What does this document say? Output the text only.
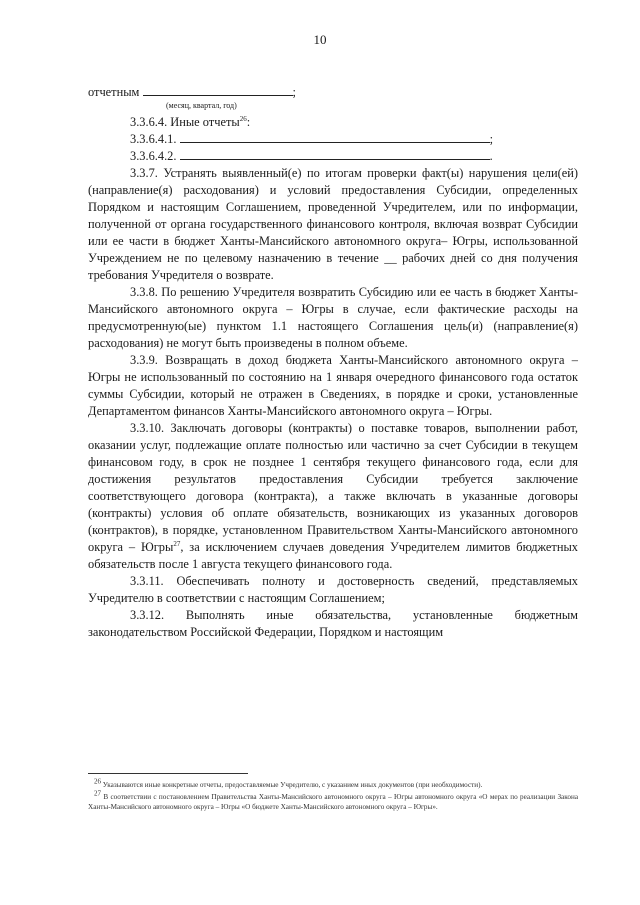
10

отчетным	;

(месяц, квартал, год)

3.3.6.4. Иные отчеты$^{26}$:

3.3.6.4.1.	;

3.3.6.4.2.	.

3.3.7. Устранять выявленный(е) по итогам проверки факт(ы) нарушения цели(ей) (направление(я) расходования) и условий предоставления Субсидии, определенных Порядком и настоящим Соглашением, проведенной Учредителем, или по информации, полученной от органа государственного финансового контроля, включая возврат Субсидии или ее части в бюджет Ханты-Мансийского автономного округа– Югры, использованной Учреждением не по целевому назначению в течение __ рабочих дней со дня получения требования Учредителя о возврате.

3.3.8. По решению Учредителя возвратить Субсидию или ее часть в бюджет Ханты-Мансийского автономного округа – Югры в случае, если фактические расходы на предусмотренную(ые) пунктом 1.1 настоящего Соглашения цель(и) (направление(я) расходования) не могут быть произведены в полном объеме.

3.3.9. Возвращать в доход бюджета Ханты-Мансийского автономного округа – Югры не использованный по состоянию на 1 января очередного финансового года остаток суммы Субсидии, который не отражен в Сведениях, в порядке и сроки, установленные Департаментом финансов Ханты-Мансийского автономного округа – Югры.

3.3.10. Заключать договоры (контракты) о поставке товаров, выполнении работ, оказании услуг, подлежащие оплате полностью или частично за счет Субсидии в текущем финансовом году, в срок не позднее 1 сентября текущего финансового года, если для достижения результатов предоставления Субсидии требуется заключение соответствующего договора (контракта), а также включать в указанные договоры (контракты) условия об оплате обязательств, возникающих из указанных договоров (контрактов), в порядке, установленном Правительством Ханты-Мансийского автономного округа – Югры$^{27}$, за исключением случаев доведения Учредителем лимитов бюджетных обязательств после 1 августа текущего финансового года.

3.3.11. Обеспечивать полноту и достоверность сведений, представляемых Учредителю в соответствии с настоящим Соглашением;

3.3.12. Выполнять иные обязательства, установленные бюджетным законодательством Российской Федерации, Порядком и настоящим

$^{26}$ Указываются иные конкретные отчеты, предоставляемые Учредителю, с указанием иных документов (при необходимости).

$^{27}$ В соответствии с постановлением Правительства Ханты-Мансийского автономного округа – Югры автономного округа «О мерах по реализации Закона Ханты-Мансийского автономного округа – Югры «О бюджете Ханты-Мансийского автономного округа – Югры».
